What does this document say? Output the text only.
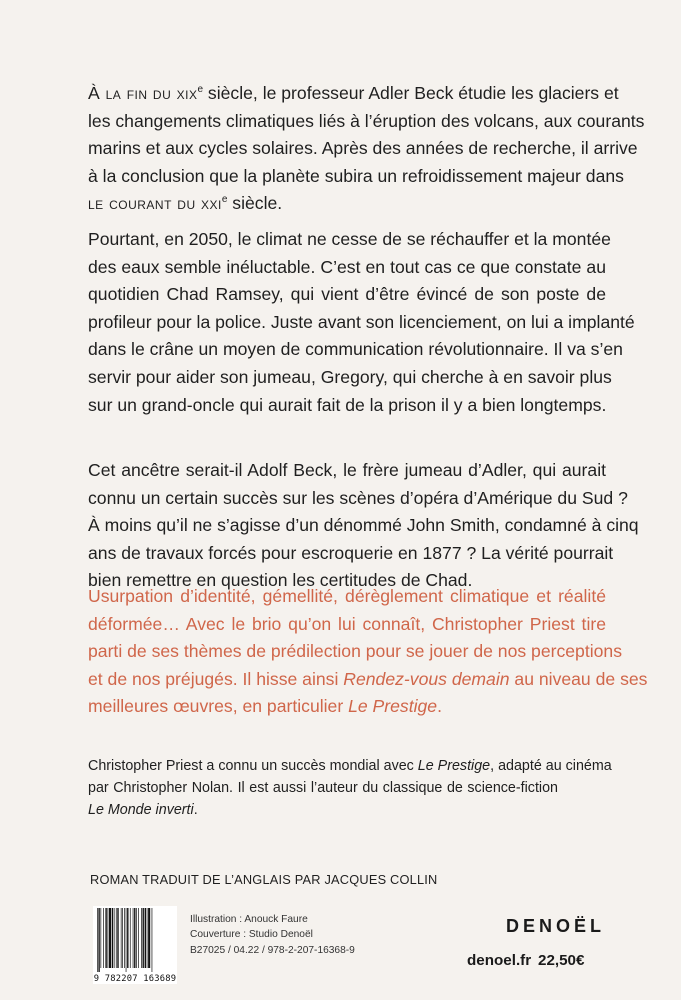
À la fin du xix$^e$ siècle, le professeur Adler Beck étudie les glaciers et
les changements climatiques liés à l’éruption des volcans, aux courants
marins et aux cycles solaires. Après des années de recherche, il arrive
à la conclusion que la planète subira un refroidissement majeur dans
le courant du xxi$^e$ siècle.

Pourtant, en 2050, le climat ne cesse de se réchauffer et la montée
des eaux semble inéluctable. C’est en tout cas ce que constate au
quotidien Chad Ramsey, qui vient d’être évincé de son poste de
profileur pour la police. Juste avant son licenciement, on lui a implanté
dans le crâne un moyen de communication révolutionnaire. Il va s’en
servir pour aider son jumeau, Gregory, qui cherche à en savoir plus
sur un grand-oncle qui aurait fait de la prison il y a bien longtemps.

Cet ancêtre serait-il Adolf Beck, le frère jumeau d’Adler, qui aurait
connu un certain succès sur les scènes d’opéra d’Amérique du Sud ?
À moins qu’il ne s’agisse d’un dénommé John Smith, condamné à cinq
ans de travaux forcés pour escroquerie en 1877 ? La vérité pourrait
bien remettre en question les certitudes de Chad.

Usurpation d’identité, gémellité, dérèglement climatique et réalité
déformée… Avec le brio qu’on lui connaît, Christopher Priest tire
parti de ses thèmes de prédilection pour se jouer de nos perceptions
et de nos préjugés. Il hisse ainsi Rendez-vous demain au niveau de ses
meilleures œuvres, en particulier Le Prestige.

Christopher Priest a connu un succès mondial avec Le Prestige, adapté au cinéma
par Christopher Nolan. Il est aussi l’auteur du classique de science-fiction
Le Monde inverti.

ROMAN TRADUIT DE L’ANGLAIS PAR JACQUES COLLIN

9 782207 163689
Illustration : Anouck Faure
Couverture : Studio Denoël
B27025 / 04.22 / 978-2-207-16368-9
DENOËL
denoel.fr 22,50€
